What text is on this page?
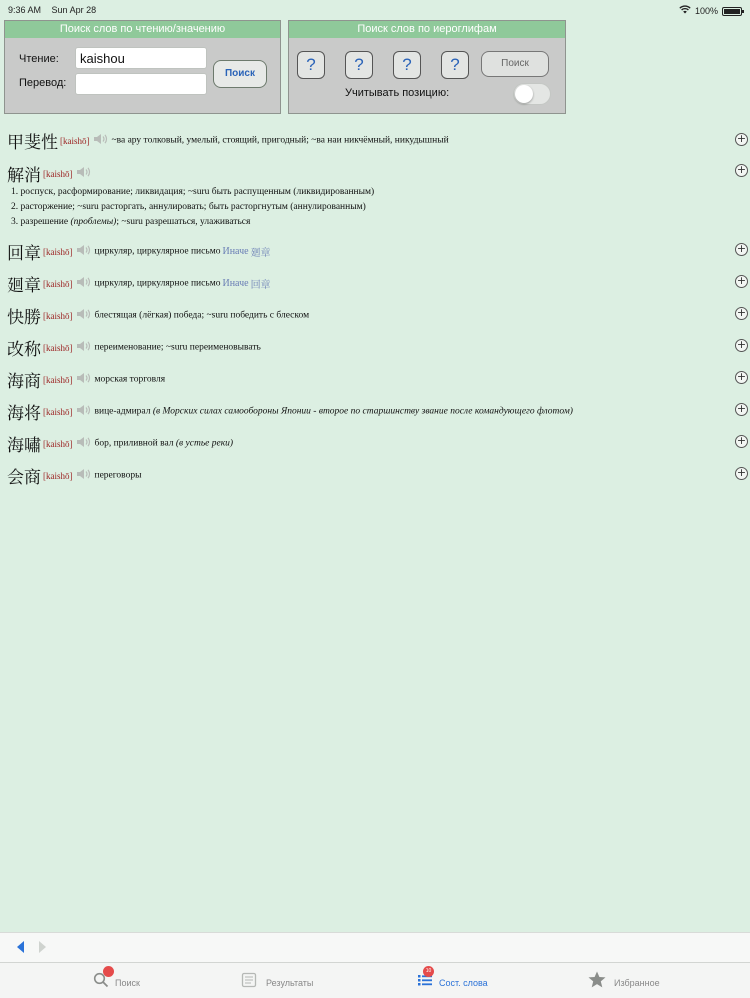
9:36 AM Sun Apr 28	100%
Поиск слов по чтению/значению
Чтение:
kaishou
Перевод:
Поиск
Поиск слов по иероглифам
?	?	?	?	Поиск
Учитывать позицию:
甲斐性 [kaishō] ~ва ару толковый, умелый, стоящий, пригодный; ~ва наи никчёмный, никудышный	+
解消 [kaishō]
1. роспуск, расформирование; ликвидация; ~suru быть распущенным (ликвидированным)
2. расторжение; ~suru расторгать, аннулировать; быть расторгнутым (аннулированным)
3. разрешение (проблемы); ~suru разрешаться, улаживаться
+
回章 [kaishō] циркуляр, циркулярное письмо Иначе 廻章	+
廻章 [kaishō] циркуляр, циркулярное письмо Иначе 回章	+
快勝 [kaishō] блестящая (лёгкая) победа; ~suru победить с блеском	+
改称 [kaishō] переименование; ~suru переименовывать	+
海商 [kaishō] морская торговля	+
海将 [kaishō] вице-адмирал (в Морских силах самообороны Японии - второе по старшинству звание после командующего флотом)	+
海嘯 [kaishō] бор, приливной вал (в устье реки)	+
会商 [kaishō] переговоры	+
Поиск	Результаты
10
Сост. слова	Избранное
